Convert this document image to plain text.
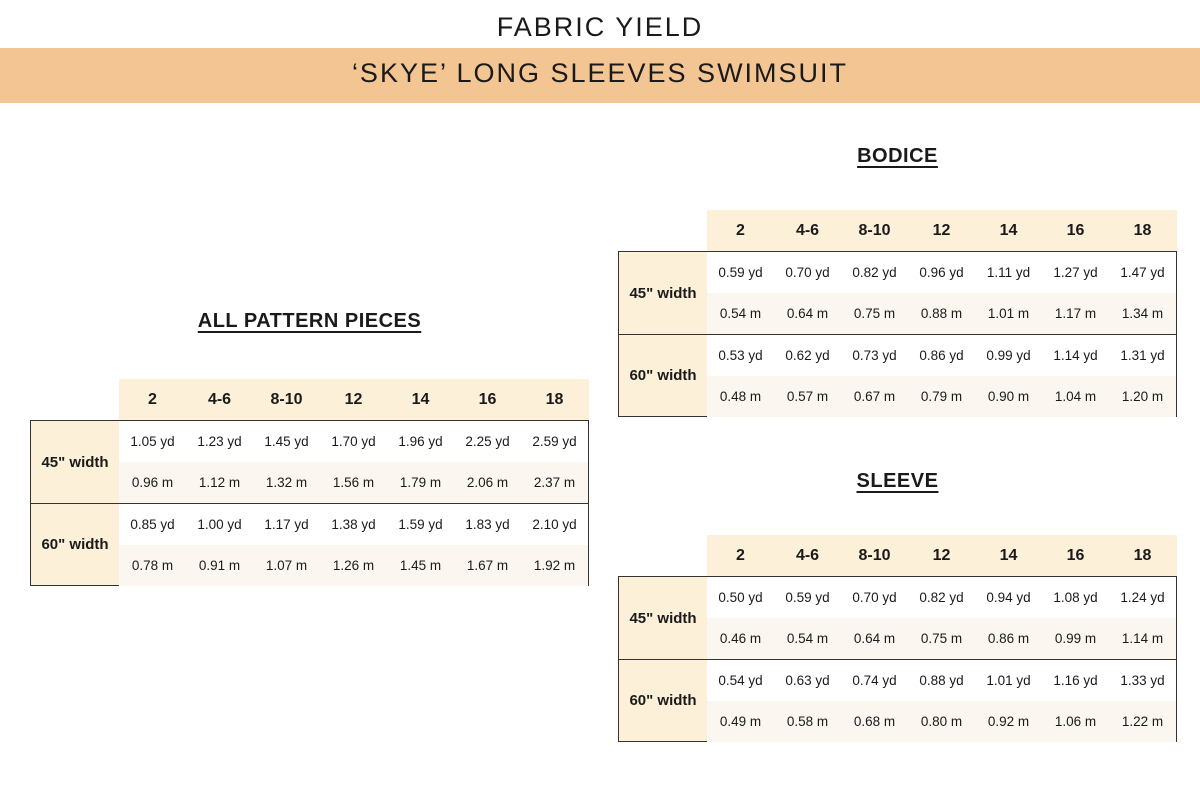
FABRIC YIELD
‘SKYE’ LONG SLEEVES SWIMSUIT
ALL PATTERN PIECES
2	4-6	8-10	12	14	16	18
45" width
1.05 yd	1.23 yd	1.45 yd	1.70 yd	1.96 yd	2.25 yd	2.59 yd
0.96 m	1.12 m	1.32 m	1.56 m	1.79 m	2.06 m	2.37 m
60" width
0.85 yd	1.00 yd	1.17 yd	1.38 yd	1.59 yd	1.83 yd	2.10 yd
0.78 m	0.91 m	1.07 m	1.26 m	1.45 m	1.67 m	1.92 m
BODICE
2	4-6	8-10	12	14	16	18
45" width
0.59 yd	0.70 yd	0.82 yd	0.96 yd	1.11 yd	1.27 yd	1.47 yd
0.54 m	0.64 m	0.75 m	0.88 m	1.01 m	1.17 m	1.34 m
60" width
0.53 yd	0.62 yd	0.73 yd	0.86 yd	0.99 yd	1.14 yd	1.31 yd
0.48 m	0.57 m	0.67 m	0.79 m	0.90 m	1.04 m	1.20 m
SLEEVE
2	4-6	8-10	12	14	16	18
45" width
0.50 yd	0.59 yd	0.70 yd	0.82 yd	0.94 yd	1.08 yd	1.24 yd
0.46 m	0.54 m	0.64 m	0.75 m	0.86 m	0.99 m	1.14 m
60" width
0.54 yd	0.63 yd	0.74 yd	0.88 yd	1.01 yd	1.16 yd	1.33 yd
0.49 m	0.58 m	0.68 m	0.80 m	0.92 m	1.06 m	1.22 m
